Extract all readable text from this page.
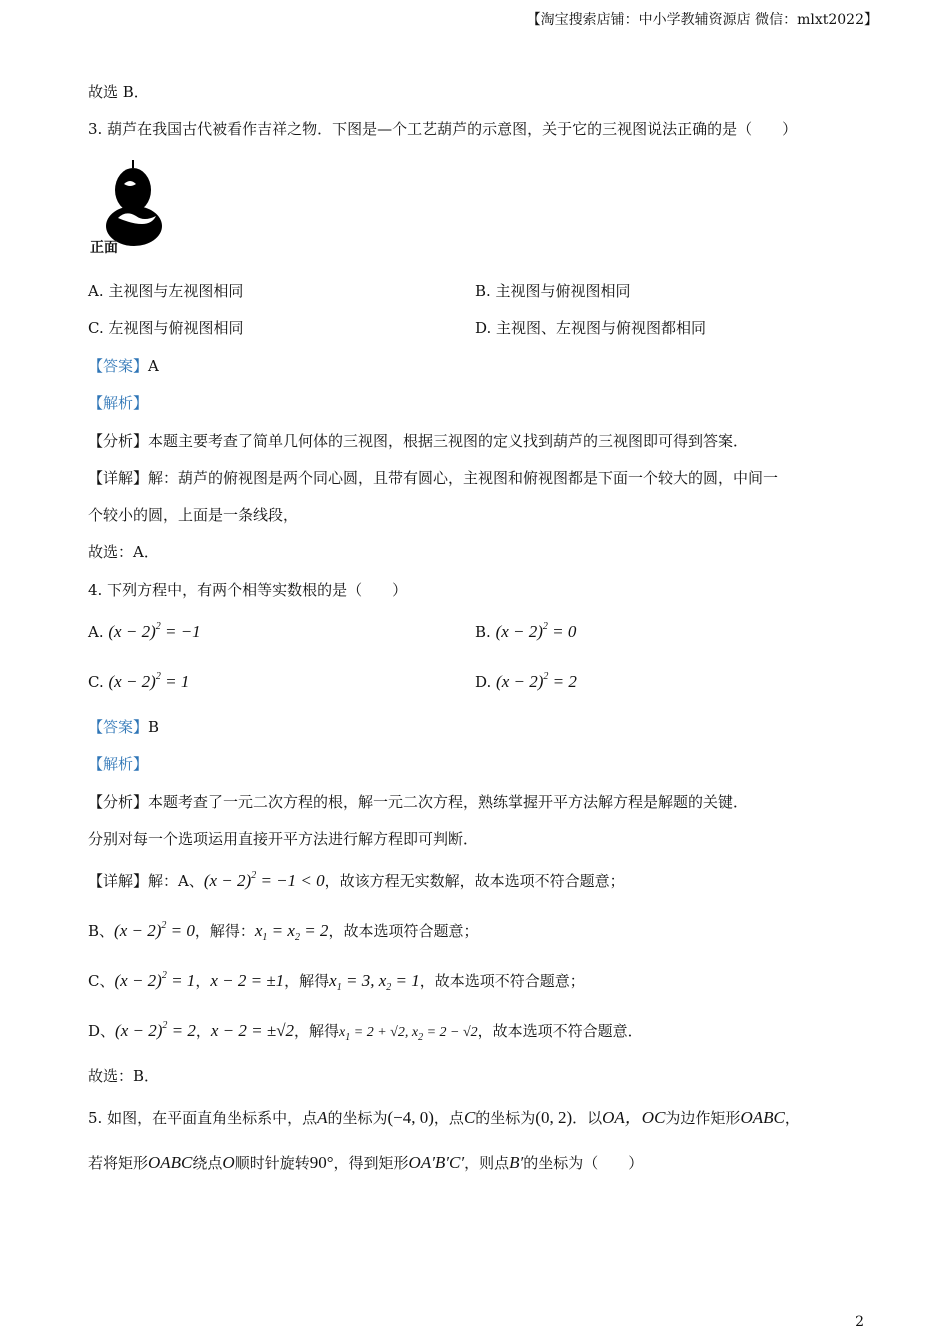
【淘宝搜索店铺：中小学教辅资源店 微信：mlxt2022】
故选 B．
3. 葫芦在我国古代被看作吉祥之物．下图是—个工艺葫芦的示意图，关于它的三视图说法正确的是（　　）
正面
A. 主视图与左视图相同	B. 主视图与俯视图相同
C. 左视图与俯视图相同	D. 主视图、左视图与俯视图都相同
【答案】A
【解析】
【分析】本题主要考查了简单几何体的三视图，根据三视图的定义找到葫芦的三视图即可得到答案．
【详解】解：葫芦的俯视图是两个同心圆，且带有圆心，主视图和俯视图都是下面一个较大的圆，中间一
个较小的圆，上面是一条线段，
故选：A．
4. 下列方程中，有两个相等实数根的是（　　）
A. $(x - 2)^2 = -1$	B. $(x - 2)^2 = 0$
C. $(x - 2)^2 = 1$	D. $(x - 2)^2 = 2$
【答案】B
【解析】
【分析】本题考查了一元二次方程的根，解一元二次方程，熟练掌握开平方法解方程是解题的关键．
分别对每一个选项运用直接开平方法进行解方程即可判断．
【详解】解：A、$(x - 2)^2 = -1 < 0$，故该方程无实数解，故本选项不符合题意；
B、$(x - 2)^2 = 0$，解得：$x_1 = x_2 = 2$，故本选项符合题意；
C、$(x - 2)^2 = 1$，x − 2 = ±1，解得$x_1 = 3$, $x_2 = 1$，故本选项不符合题意；
D、$(x - 2)^2 = 2$，x − 2 = ±√2，解得$x_1 = 2 + √2$, $x_2 = 2 - √2$，故本选项不符合题意．
故选：B．
5. 如图，在平面直角坐标系中，点A的坐标为(−4, 0)，点C的坐标为(0, 2)．以OA，OC为边作矩形OABC，
若将矩形OABC绕点O顺时针旋转90°，得到矩形OA′B′C′，则点B′的坐标为（　　）
2
